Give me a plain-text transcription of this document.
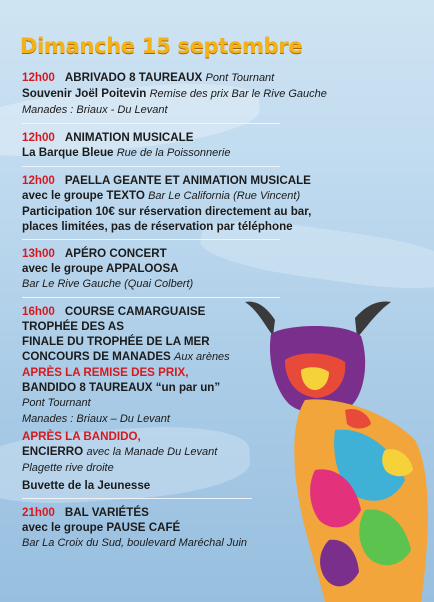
Dimanche 15 septembre
12h00 ABRIVADO 8 TAUREAUX Pont Tournant
Souvenir Joël Poitevin Remise des prix Bar le Rive Gauche
Manades : Briaux - Du Levant
12h00 ANIMATION MUSICALE
La Barque Bleue Rue de la Poissonnerie
12h00 PAELLA GEANTE ET ANIMATION MUSICALE
avec le groupe TEXTO Bar Le California (Rue Vincent)
Participation 10€ sur réservation directement au bar,
places limitées, pas de réservation par téléphone
13h00 APÉRO CONCERT
avec le groupe APPALOOSA
Bar Le Rive Gauche (Quai Colbert)
16h00 COURSE CAMARGUAISE
TROPHÉE DES AS
FINALE DU TROPHÉE DE LA MER
CONCOURS DE MANADES Aux arènes
APRÈS LA REMISE DES PRIX,
BANDIDO 8 TAUREAUX “un par un”
Pont Tournant
Manades : Briaux – Du Levant
APRÈS LA BANDIDO,
ENCIERRO avec la Manade Du Levant
Plagette rive droite
Buvette de la Jeunesse
21h00 BAL VARIÉTÉS
avec le groupe PAUSE CAFÉ
Bar La Croix du Sud, boulevard Maréchal Juin
